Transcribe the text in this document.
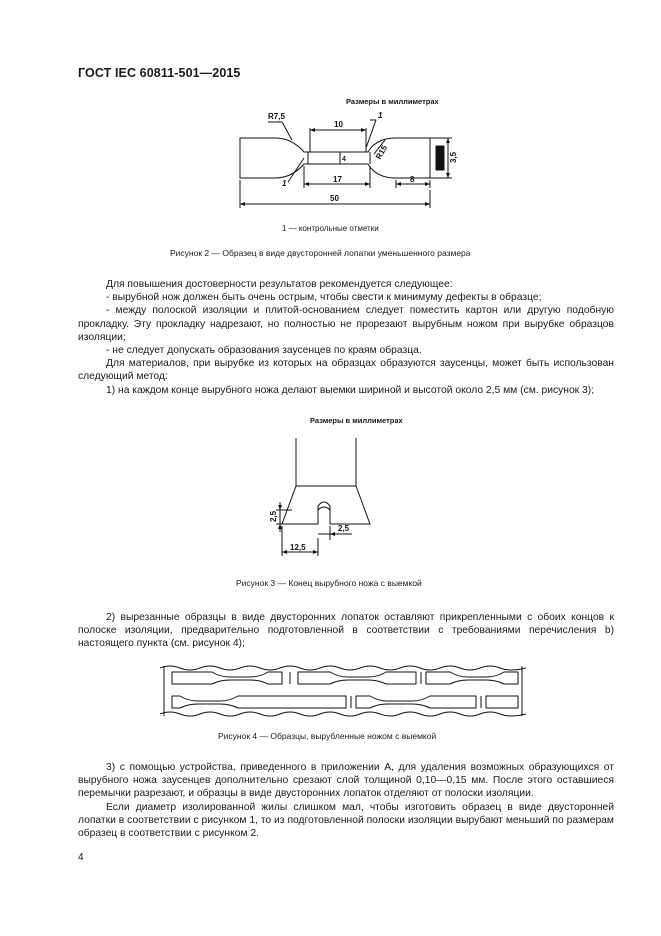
ГОСТ IEC 60811-501—2015
Размеры в миллиметрах
R7,5
10
1
R15
4
1	17	8
50
3,5
1 — контрольные отметки
Рисунок 2 — Образец в виде двусторонней лопатки уменьшенного размера

Для повышения достоверности результатов рекомендуется следующее:

- вырубной нож должен быть очень острым, чтобы свести к минимуму дефекты в образце;

- между полоской изоляции и плитой-основанием следует поместить картон или другую подобную прокладку. Эту прокладку надрезают, но полностью не прорезают вырубным ножом при вырубке образцов изоляции;

- не следует допускать образования заусенцев по краям образца.

Для материалов, при вырубке из которых на образцах образуются заусенцы, может быть использован следующий метод:

1) на каждом конце вырубного ножа делают выемки шириной и высотой около 2,5 мм (см. рисунок 3);

Размеры в миллиметрах
2,5
2,5
12,5
Рисунок 3 — Конец вырубного ножа с выемкой

2) вырезанные образцы в виде двусторонних лопаток оставляют прикрепленными с обоих концов к полоске изоляции, предварительно подготовленной в соответствии с требованиями перечисления b) настоящего пункта (см. рисунок 4);

Рисунок 4 — Образцы, вырубленные ножом с выемкой

3) с помощью устройства, приведенного в приложении A, для удаления возможных образующихся от вырубного ножа заусенцев дополнительно срезают слой толщиной 0,10—0,15 мм. После этого оставшиеся перемычки разрезают, и образцы в виде двусторонних лопаток отделяют от полоски изоляции.

Если диаметр изолированной жилы слишком мал, чтобы изготовить образец в виде двусторонней лопатки в соответствии с рисунком 1, то из подготовленной полоски изоляции вырубают меньший по размерам образец в соответствии с рисунком 2.

4
